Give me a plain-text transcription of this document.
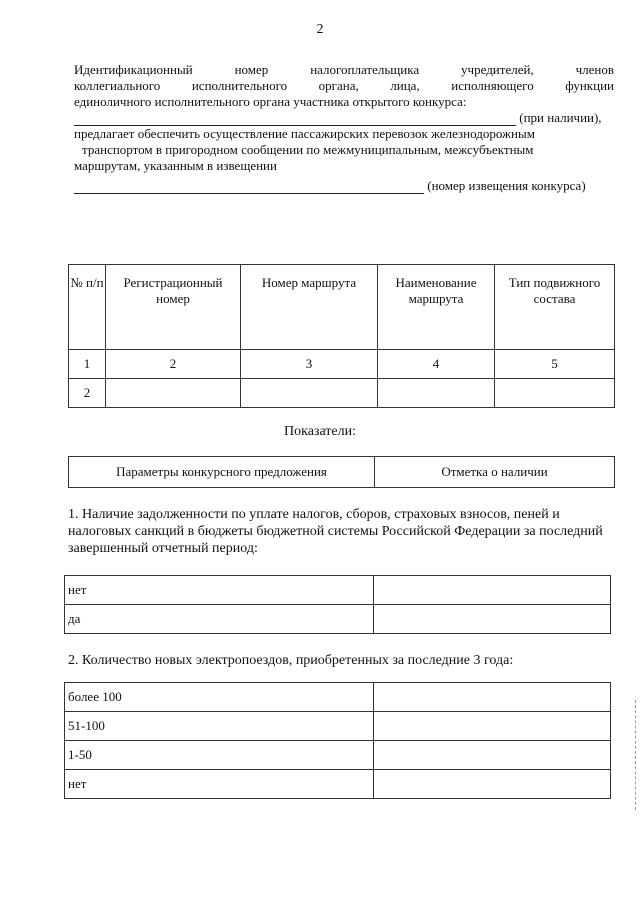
2
Идентификационный номер налогоплательщика учредителей, членов
коллегиального исполнительного органа, лица, исполняющего функции
единоличного исполнительного органа участника открытого конкурса:
(при наличии),
предлагает обеспечить осуществление пассажирских перевозок железнодорожным
транспортом в пригородном сообщении по межмуниципальным, межсубъектным
маршрутам, указанным в извещении
(номер извещения конкурса)
№ п/п	Регистрационный номер	Номер маршрута	Наименование маршрута	Тип подвижного состава
1	2	3	4	5
2				
Показатели:
Параметры конкурсного предложения	Отметка о наличии
1. Наличие задолженности по уплате налогов, сборов, страховых взносов, пеней и налоговых санкций в бюджеты бюджетной системы Российской Федерации за последний завершенный отчетный период:
нет	
да	
2. Количество новых электропоездов, приобретенных за последние 3 года:
более 100	
51-100	
1-50	
нет	
